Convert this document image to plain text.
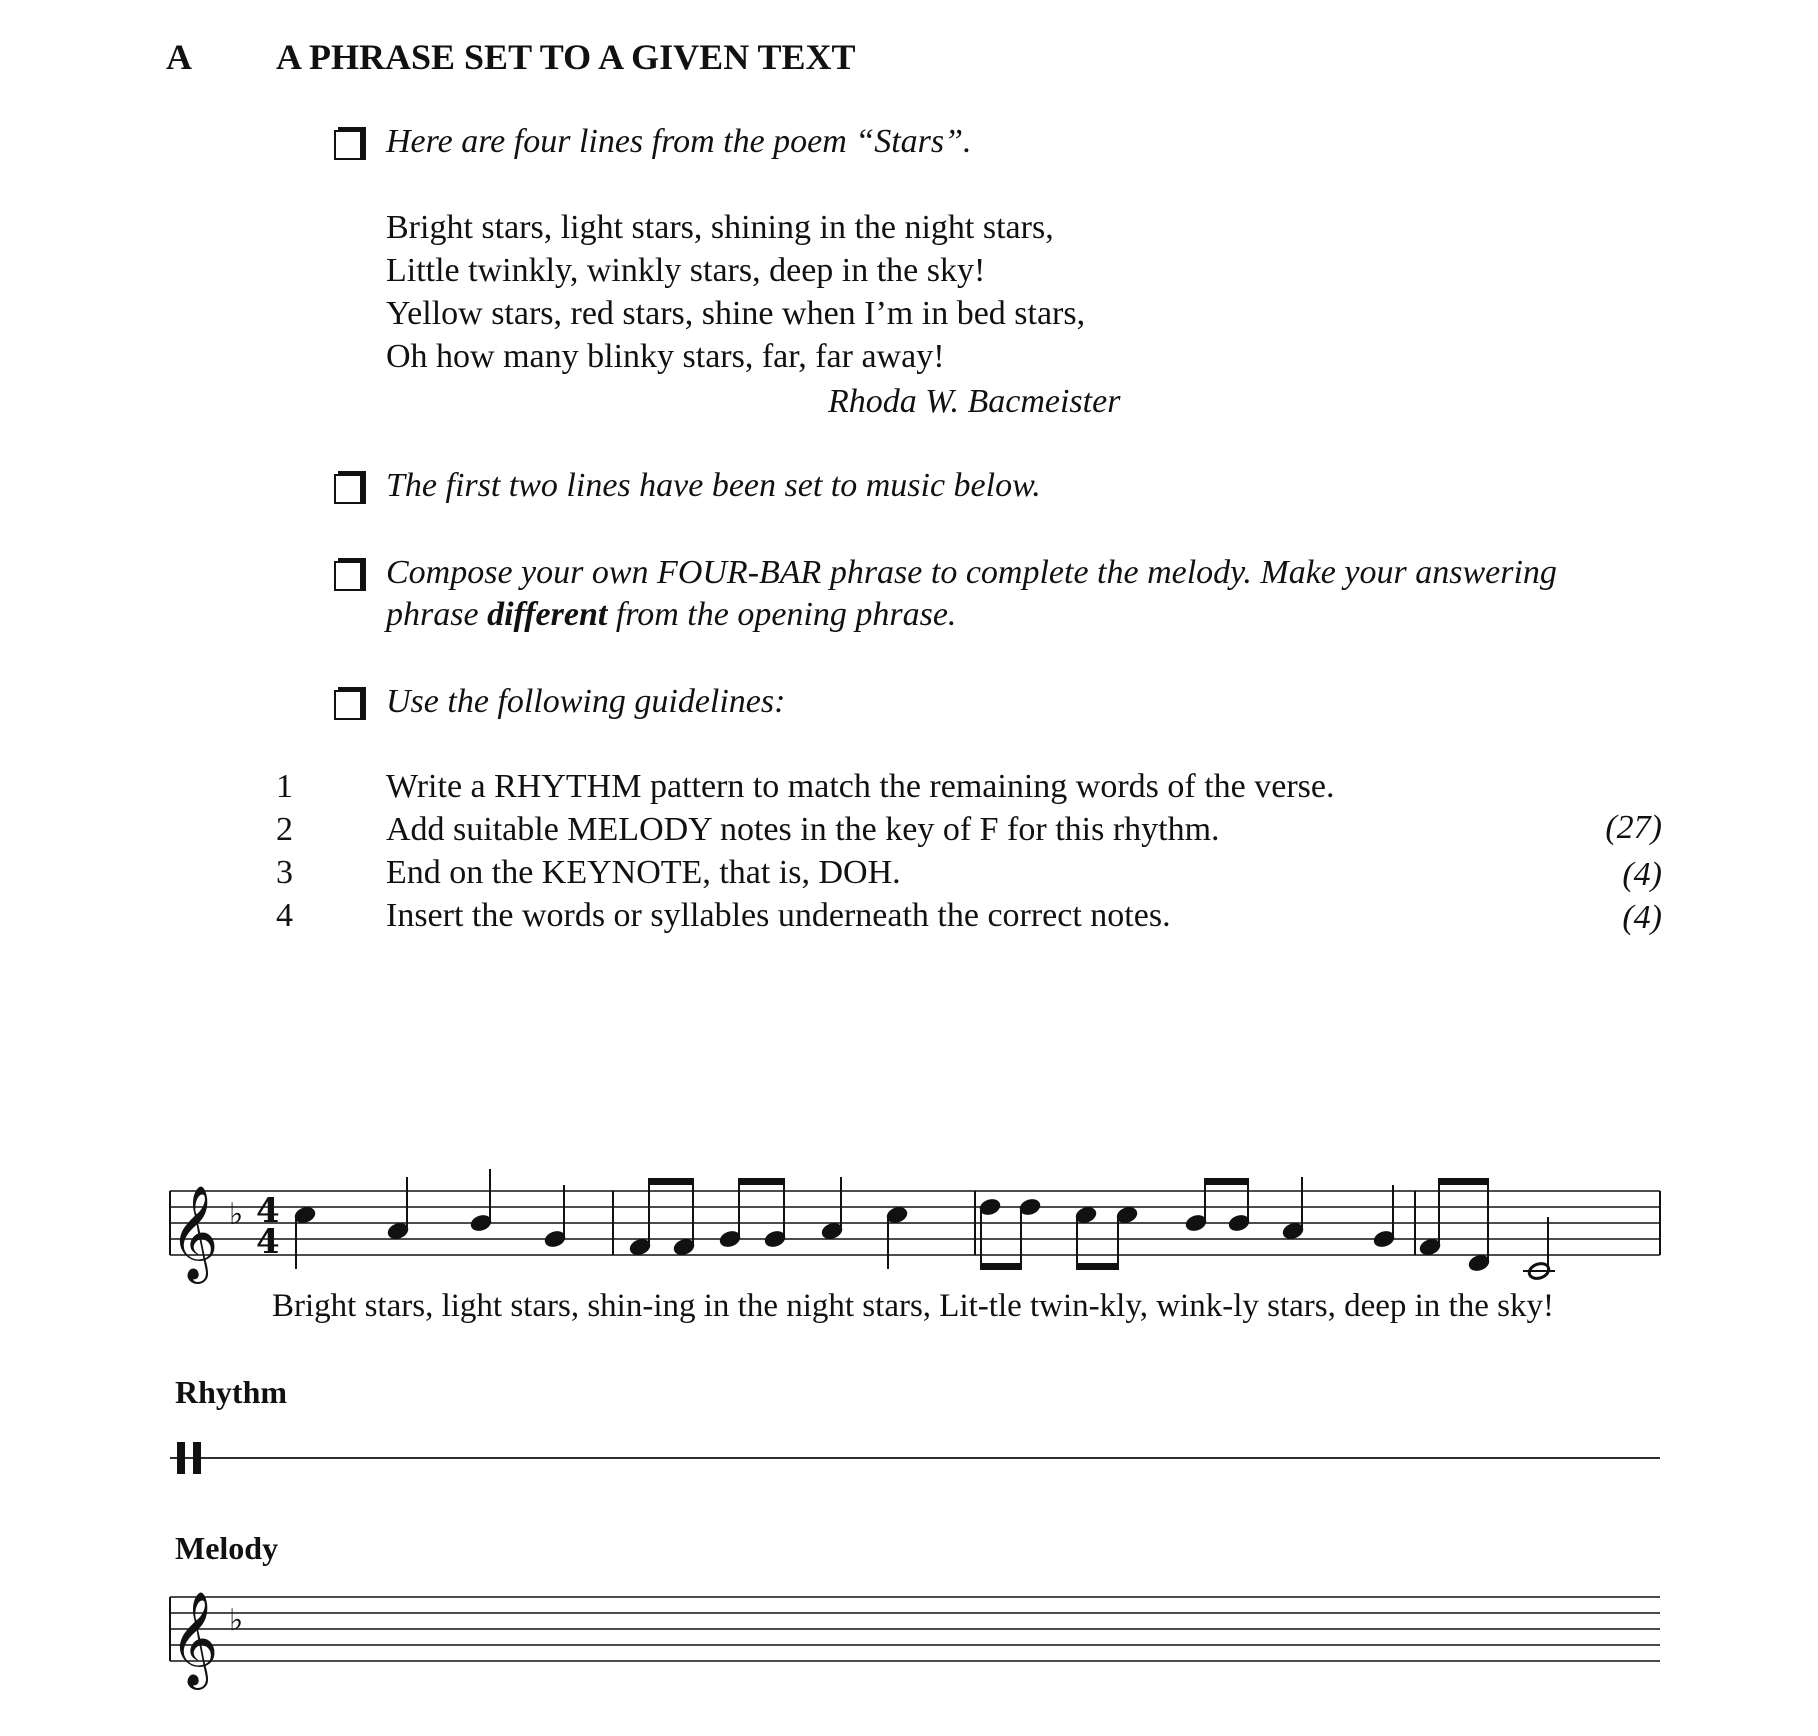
A A PHRASE SET TO A GIVEN TEXT
Here are four lines from the poem “Stars”.
Bright stars, light stars, shining in the night stars,
Little twinkly, winkly stars, deep in the sky!
Yellow stars, red stars, shine when I’m in bed stars,
Oh how many blinky stars, far, far away!
Rhoda W. Bacmeister
The first two lines have been set to music below.
Compose your own FOUR-BAR phrase to complete the melody. Make your answering
phrase different from the opening phrase.
Use the following guidelines:
1	Write a RHYTHM pattern to match the remaining words of the verse.
2	Add suitable MELODY notes in the key of F for this rhythm.	(27)
3	End on the KEYNOTE, that is, DOH.	(4)
4	Insert the words or syllables underneath the correct notes.	(4)
𝄞 ♭ 4
4
𝄞 ♭
Bright stars, light stars, shin-ing in the night stars, Lit-tle twin-kly, wink-ly stars, deep in the sky!
Rhythm
Melody
